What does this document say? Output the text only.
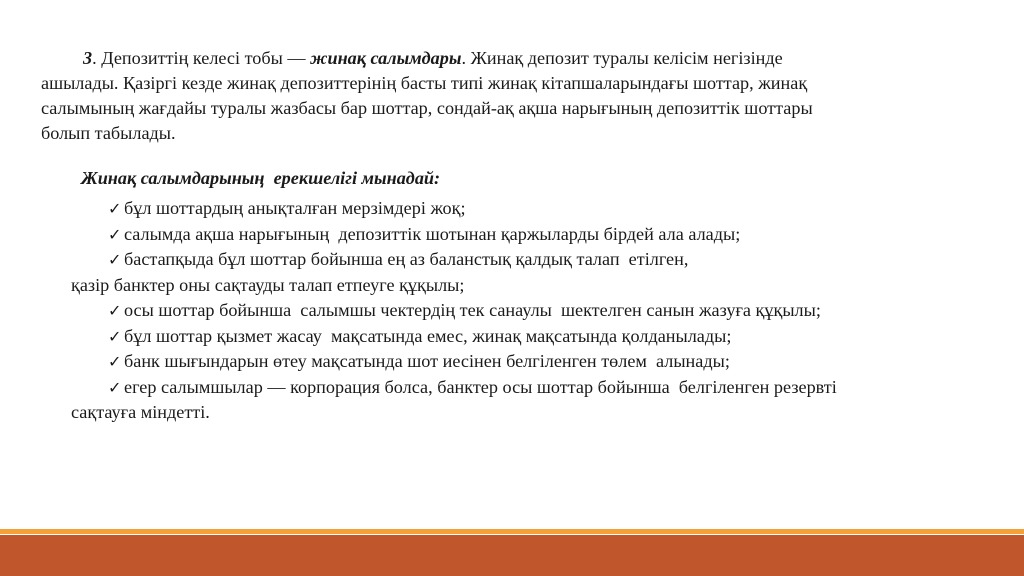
3. Депозиттің келесі тобы — жинақ салымдары. Жинақ депозит туралы келісім негізінде
ашылады. Қазіргі кезде жинақ депозиттерінің басты типі жинақ кітапшаларындағы шоттар, жинақ
салымының жағдайы туралы жазбасы бар шоттар, сондай-ақ ақша нарығының депозиттік шоттары
болып табылады.

Жинақ салымдарының  ерекшелігі мынадай:

✓ бұл шоттардың анықталған мерзімдері жоқ;
✓ салымда ақша нарығының  депозиттік шотынан қаржыларды бірдей ала алады;
✓ бастапқыда бұл шоттар бойынша ең аз баланстық қалдық талап  етілген,
қазір банктер оны сақтауды талап етпеуге құқылы;
✓ осы шоттар бойынша  салымшы чектердің тек санаулы  шектелген санын жазуға құқылы;
✓ бұл шоттар қызмет жасау  мақсатында емес, жинақ мақсатында қолданылады;
✓ банк шығындарын өтеу мақсатында шот иесінен белгіленген төлем  алынады;
✓ егер салымшылар — корпорация болса, банктер осы шоттар бойынша  белгіленген резервті
сақтауға міндетті.
